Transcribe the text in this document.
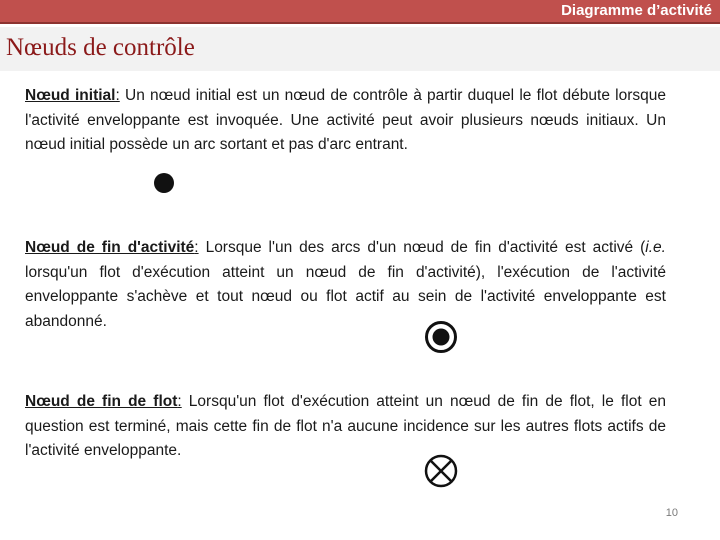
Diagramme d’activité
Nœuds de contrôle
Nœud initial: Un nœud initial est un nœud de contrôle à partir duquel le flot débute lorsque l'activité enveloppante est invoquée. Une activité peut avoir plusieurs nœuds initiaux. Un nœud initial possède un arc sortant et pas d'arc entrant.
Nœud de fin d'activité: Lorsque l'un des arcs d'un nœud de fin d'activité est activé (i.e. lorsqu'un flot d'exécution atteint un nœud de fin d'activité), l'exécution de l'activité enveloppante s'achève et tout nœud ou flot actif au sein de l'activité enveloppante est abandonné.
Nœud de fin de flot: Lorsqu'un flot d'exécution atteint un nœud de fin de flot, le flot en question est terminé, mais cette fin de flot n'a aucune incidence sur les autres flots actifs de l'activité enveloppante.
10
